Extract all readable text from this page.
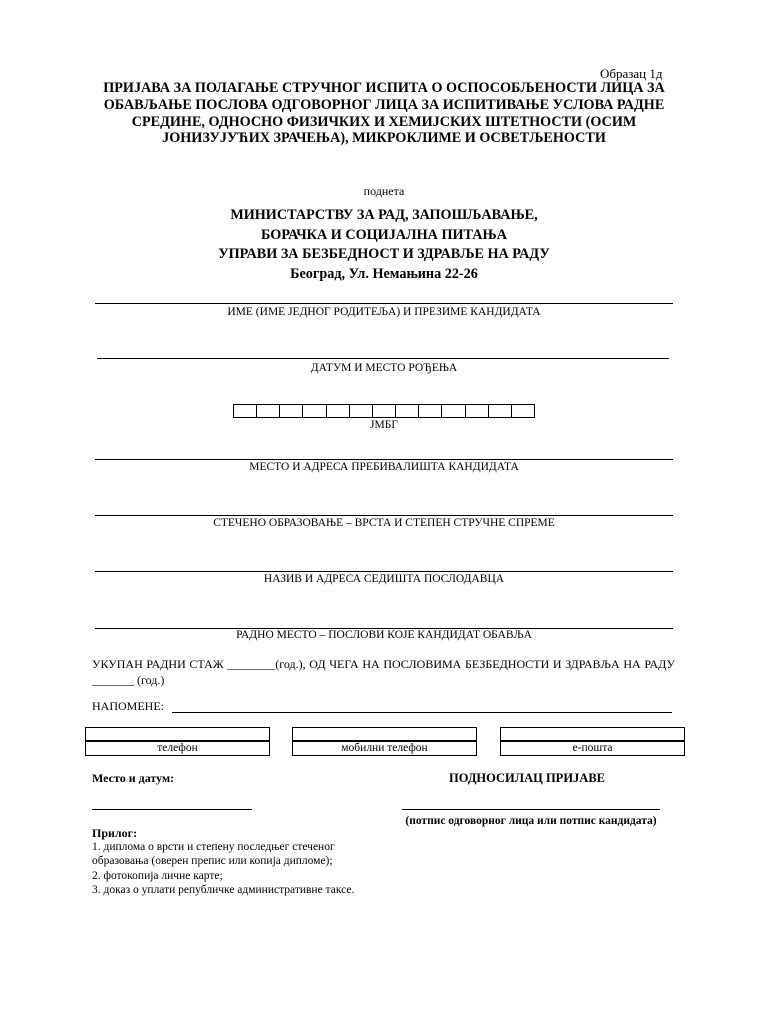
Образац 1д
ПРИЈАВА ЗА ПОЛАГАЊЕ СТРУЧНОГ ИСПИТА О ОСПОСОБЉЕНОСТИ ЛИЦА ЗА ОБАВЉАЊЕ ПОСЛОВА ОДГОВОРНОГ ЛИЦА ЗА ИСПИТИВАЊЕ УСЛОВА РАДНЕ СРЕДИНЕ, ОДНОСНО ФИЗИЧКИХ И ХЕМИЈСКИХ ШТЕТНОСТИ (ОСИМ ЈОНИЗУЈУЋИХ ЗРАЧЕЊА), МИКРОКЛИМЕ И ОСВЕТЉЕНОСТИ
поднета
МИНИСТАРСТВУ ЗА РАД, ЗАПОШЉАВАЊЕ,
БОРАЧКА И СОЦИЈАЛНА ПИТАЊА
УПРАВИ ЗА БЕЗБЕДНОСТ И ЗДРАВЉЕ НА РАДУ
Београд, Ул. Немањина 22-26
ИМЕ (ИМЕ ЈЕДНОГ РОДИТЕЉА) И ПРЕЗИМЕ КАНДИДАТА
ДАТУМ И МЕСТО РОЂЕЊА
ЈМБГ
МЕСТО И АДРЕСА ПРЕБИВАЛИШТА КАНДИДАТА
СТЕЧЕНО ОБРАЗОВАЊЕ – ВРСТА И СТЕПЕН СТРУЧНЕ СПРЕМЕ
НАЗИВ И АДРЕСА СЕДИШТА ПОСЛОДАВЦА
РАДНО МЕСТО – ПОСЛОВИ КОЈЕ КАНДИДАТ ОБАВЉА
УКУПАН РАДНИ СТАЖ ________(год.), ОД ЧЕГА НА ПОСЛОВИМА БЕЗБЕДНОСТИ И ЗДРАВЉА НА РАДУ _______ (год.)
НАПОМЕНЕ:
телефон	мобилни телефон	е-пошта
Место и датум:	ПОДНОСИЛАЦ ПРИЈАВЕ
(потпис одговорног лица или потпис кандидата)
Прилог:
1. диплома о врсти и степену последњег стеченог образовања (оверен препис или копија дипломе);
2. фотокопија личне карте;
3. доказ о уплати републичке административне таксе.
